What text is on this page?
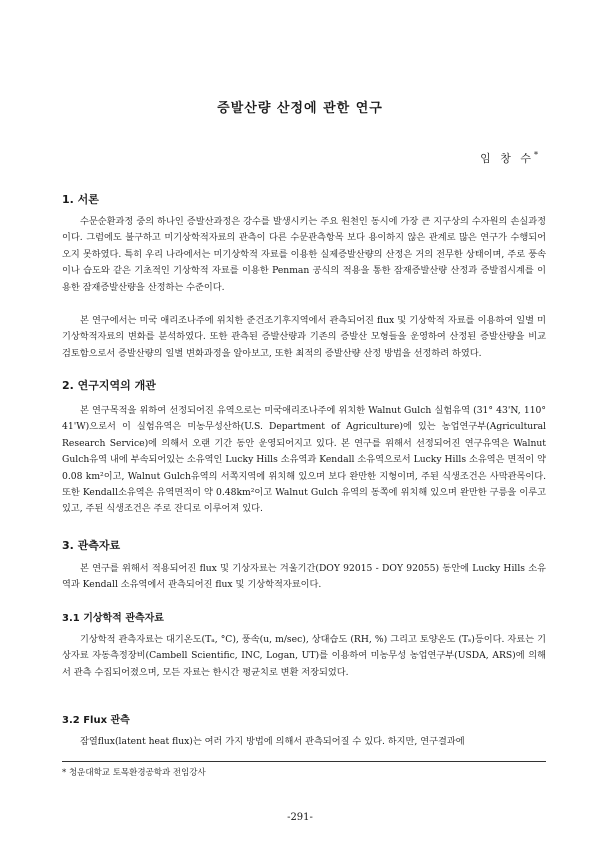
증발산량 산정에 관한 연구
임 창 수*
1. 서론

수문순환과정 중의 하나인 증발산과정은 강수를 발생시키는 주요 원천인 동시에 가장 큰 지구상의 수자원의 손실과정이다. 그럼에도 불구하고 미기상학적자료의 관측이 다른 수문관측항목 보다 용이하지 않은 관계로 많은 연구가 수행되어오지 못하였다. 특히 우리 나라에서는 미기상학적 자료를 이용한 실제증발산량의 산정은 거의 전무한 상태이며, 주로 풍속이나 습도와 같은 기초적인 기상학적 자료를 이용한 Penman 공식의 적용을 통한 잠재증발산량 산정과 증발접시계를 이용한 잠재증발산량을 산정하는 수준이다.

본 연구에서는 미국 애리조나주에 위치한 준건조기후지역에서 관측되어진 flux 및 기상학적 자료를 이용하여 일별 미기상학적자료의 변화를 분석하였다. 또한 관측된 증발산량과 기존의 증발산 모형들을 운영하여 산정된 증발산량을 비교 검토함으로서 증발산량의 일별 변화과정을 알아보고, 또한 최적의 증발산량 산정 방법을 선정하려 하였다.

2. 연구지역의 개관

본 연구목적을 위하여 선정되어진 유역으로는 미국애리조나주에 위치한 Walnut Gulch 실험유역 (31° 43'N, 110° 41'W)으로서 이 실험유역은 미농무성산하(U.S. Department of Agriculture)에 있는 농업연구부(Agricultural Research Service)에 의해서 오랜 기간 동안 운영되어지고 있다. 본 연구를 위해서 선정되어진 연구유역은 Walnut Gulch유역 내에 부속되어있는 소유역인 Lucky Hills 소유역과 Kendall 소유역으로서 Lucky Hills 소유역은 면적이 약 0.08 km²이고, Walnut Gulch유역의 서쪽지역에 위치해 있으며 보다 완만한 지형이며, 주된 식생조건은 사막관목이다. 또한 Kendall소유역은 유역면적이 약 0.48km²이고 Walnut Gulch 유역의 동쪽에 위치해 있으며 완만한 구릉을 이루고 있고, 주된 식생조건은 주로 잔디로 이루어져 있다.

3. 관측자료

본 연구를 위해서 적용되어진 flux 및 기상자료는 겨울기간(DOY 92015 - DOY 92055) 동안에 Lucky Hills 소유역과 Kendall 소유역에서 관측되어진 flux 및 기상학적자료이다.

3.1 기상학적 관측자료

기상학적 관측자료는 대기온도(Tₐ, °C), 풍속(u, m/sec), 상대습도 (RH, %) 그리고 토양온도 (Tₛ)등이다. 자료는 기상자료 자동측정장비(Cambell Scientific, INC, Logan, UT)를 이용하여 미농무성 농업연구부(USDA, ARS)에 의해서 관측 수집되어졌으며, 모든 자료는 한시간 평균치로 변환 저장되었다.

3.2 Flux 관측

잠열flux(latent heat flux)는 여러 가지 방법에 의해서 관측되어질 수 있다. 하지만, 연구결과에

* 청운대학교 토목환경공학과 전임강사
-291-
